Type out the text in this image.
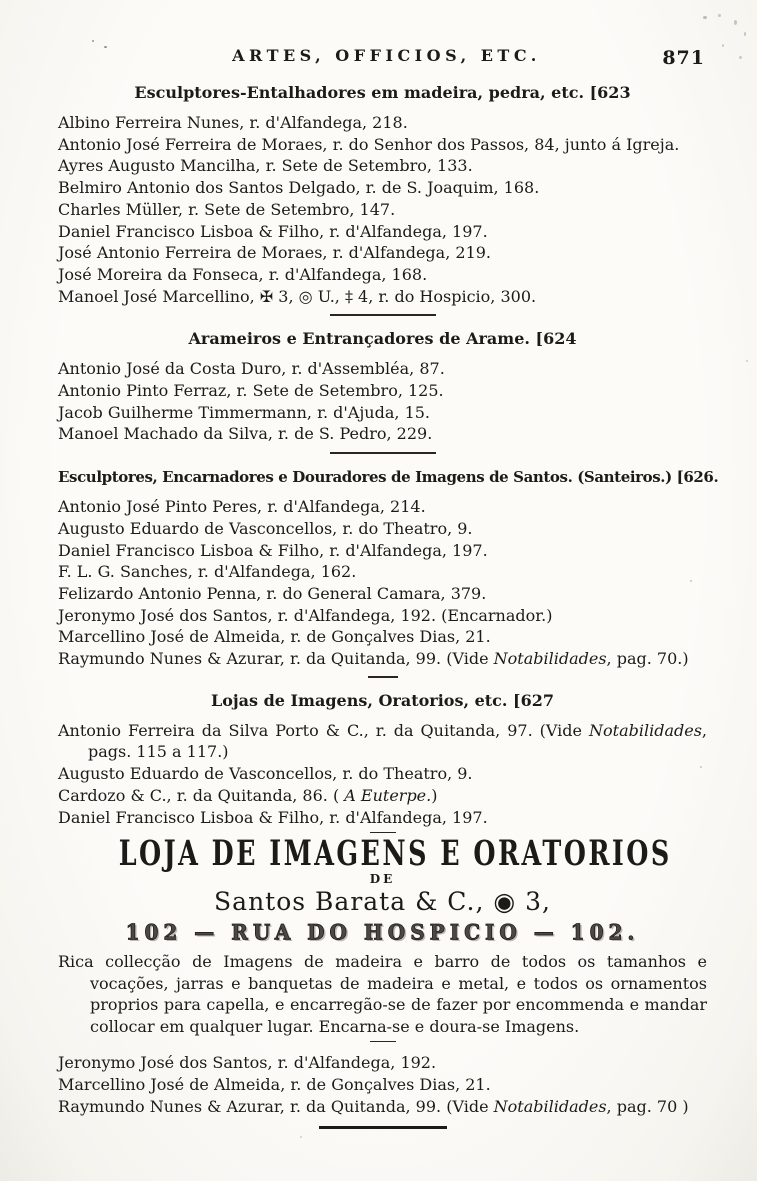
ARTES, OFFICIOS, ETC.	871
Esculptores-Entalhadores em madeira, pedra, etc. [623
Albino Ferreira Nunes, r. d'Alfandega, 218.
Antonio José Ferreira de Moraes, r. do Senhor dos Passos, 84, junto á Igreja.
Ayres Augusto Mancilha, r. Sete de Setembro, 133.
Belmiro Antonio dos Santos Delgado, r. de S. Joaquim, 168.
Charles Müller, r. Sete de Setembro, 147.
Daniel Francisco Lisboa & Filho, r. d'Alfandega, 197.
José Antonio Ferreira de Moraes, r. d'Alfandega, 219.
José Moreira da Fonseca, r. d'Alfandega, 168.
Manoel José Marcellino, ✠ 3, ◎ U., ‡ 4, r. do Hospicio, 300.
Arameiros e Entrançadores de Arame. [624
Antonio José da Costa Duro, r. d'Assembléa, 87.
Antonio Pinto Ferraz, r. Sete de Setembro, 125.
Jacob Guilherme Timmermann, r. d'Ajuda, 15.
Manoel Machado da Silva, r. de S. Pedro, 229.
Esculptores, Encarnadores e Douradores de Imagens de Santos. (Santeiros.) [626.
Antonio José Pinto Peres, r. d'Alfandega, 214.
Augusto Eduardo de Vasconcellos, r. do Theatro, 9.
Daniel Francisco Lisboa & Filho, r. d'Alfandega, 197.
F. L. G. Sanches, r. d'Alfandega, 162.
Felizardo Antonio Penna, r. do General Camara, 379.
Jeronymo José dos Santos, r. d'Alfandega, 192. (Encarnador.)
Marcellino José de Almeida, r. de Gonçalves Dias, 21.
Raymundo Nunes & Azurar, r. da Quitanda, 99. (Vide Notabilidades, pag. 70.)
Lojas de Imagens, Oratorios, etc. [627
Antonio Ferreira da Silva Porto & C., r. da Quitanda, 97. (Vide Notabilidades, pags. 115 a 117.)
Augusto Eduardo de Vasconcellos, r. do Theatro, 9.
Cardozo & C., r. da Quitanda, 86. ( A Euterpe.)
Daniel Francisco Lisboa & Filho, r. d'Alfandega, 197.
LOJA DE IMAGENS E ORATORIOS
DE
Santos Barata & C., ◉ 3,
102 — RUA DO HOSPICIO — 102.

Rica collecção de Imagens de madeira e barro de todos os tamanhos e vocações, jarras e banquetas de madeira e metal, e todos os ornamentos proprios para capella, e encarregão-se de fazer por encommenda e mandar collocar em qualquer lugar. Encarna-se e doura-se Imagens.

Jeronymo José dos Santos, r. d'Alfandega, 192.
Marcellino José de Almeida, r. de Gonçalves Dias, 21.
Raymundo Nunes & Azurar, r. da Quitanda, 99. (Vide Notabilidades, pag. 70 )
